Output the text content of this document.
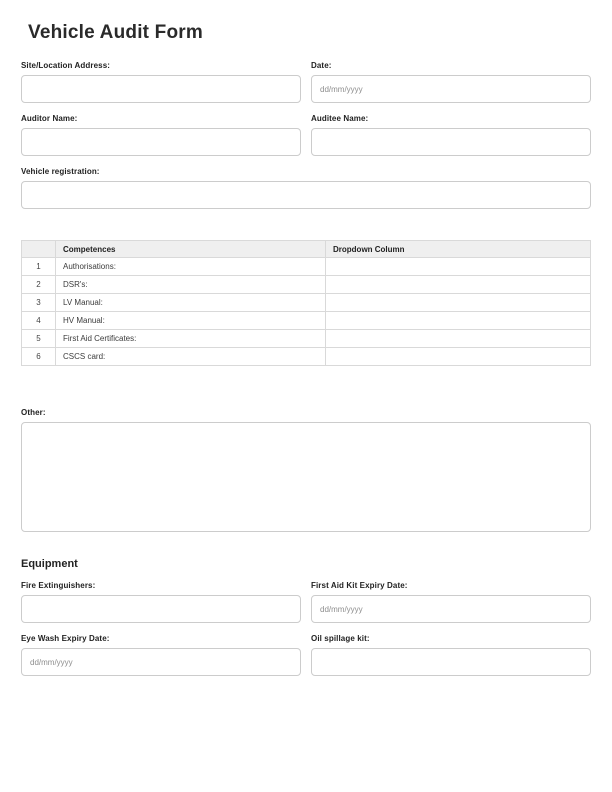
Vehicle Audit Form
Site/Location Address:	Date:
dd/mm/yyyy
Auditor Name:	Auditee Name:
Vehicle registration:
	Competences	Dropdown Column
1	Authorisations:	
2	DSR's:	
3	LV Manual:	
4	HV Manual:	
5	First Aid Certificates:	
6	CSCS card:	
Other:
Equipment
Fire Extinguishers:	First Aid Kit Expiry Date:
dd/mm/yyyy
Eye Wash Expiry Date:
dd/mm/yyyy	Oil spillage kit:
